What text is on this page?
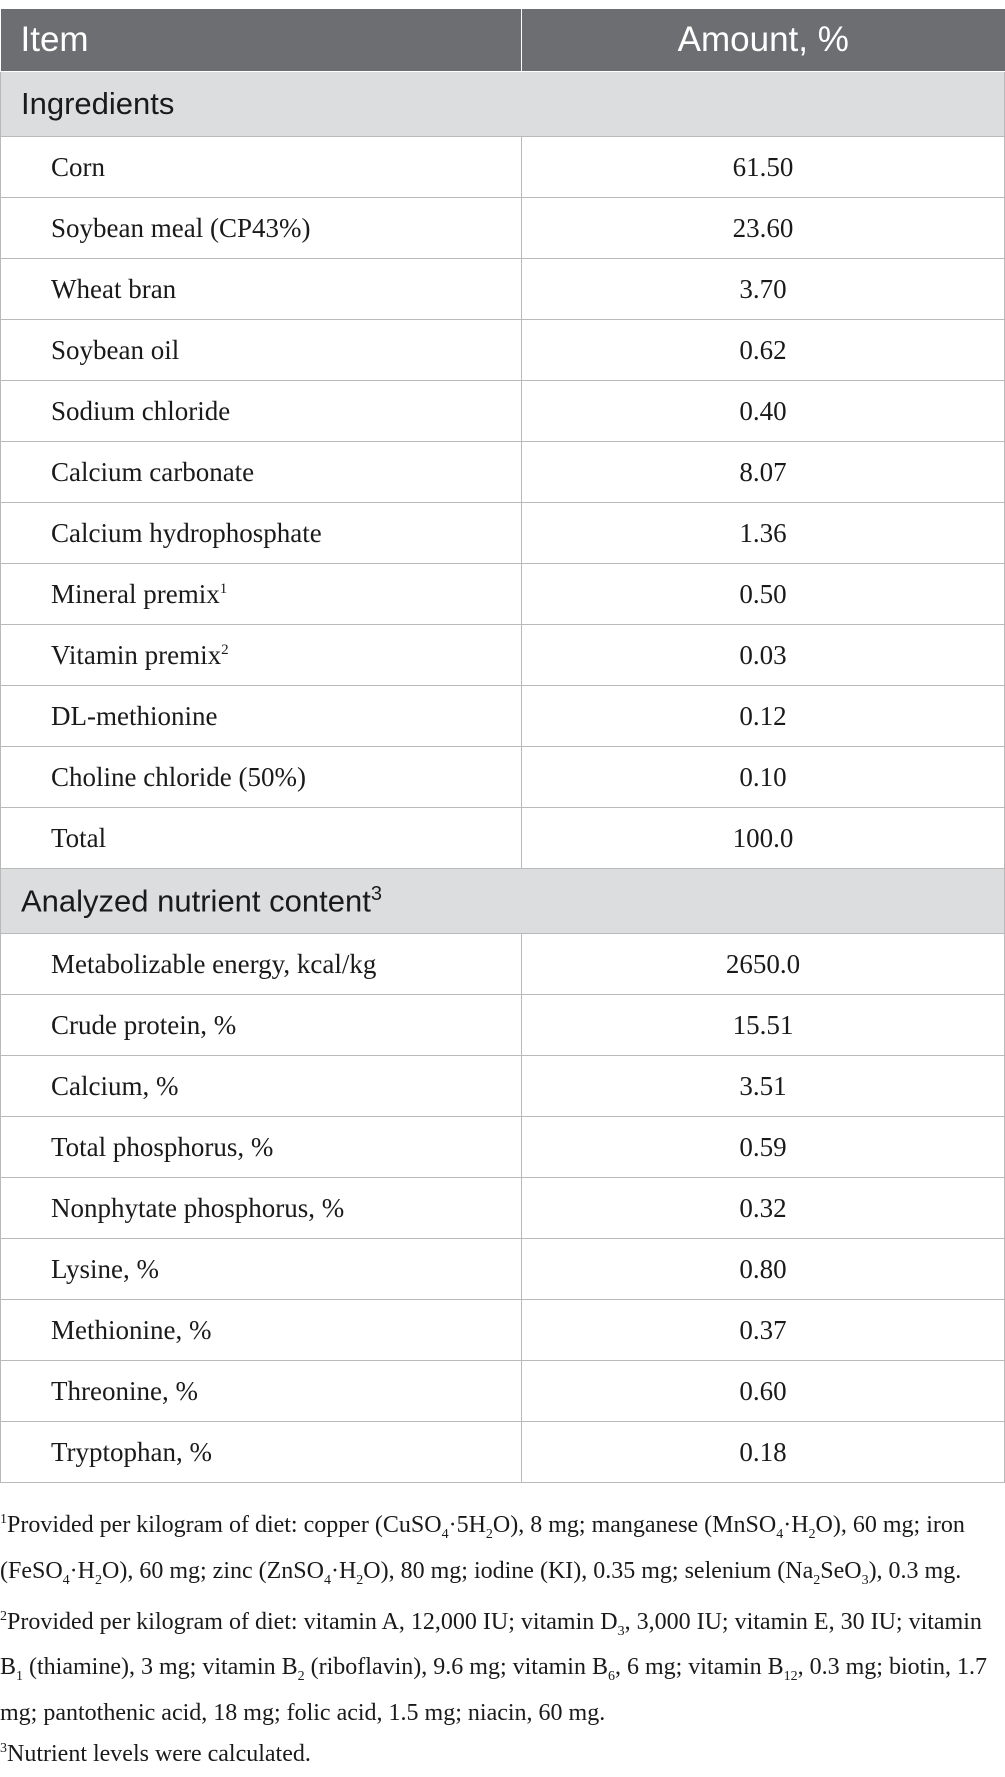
Item	Amount, %
Ingredients	
Corn	61.50
Soybean meal (CP43%)	23.60
Wheat bran	3.70
Soybean oil	0.62
Sodium chloride	0.40
Calcium carbonate	8.07
Calcium hydrophosphate	1.36
Mineral premix$^1$	0.50
Vitamin premix$^2$	0.03
DL-methionine	0.12
Choline chloride (50%)	0.10
Total	100.0
Analyzed nutrient content$^3$
Metabolizable energy, kcal/kg	2650.0
Crude protein, %	15.51
Calcium, %	3.51
Total phosphorus, %	0.59
Nonphytate phosphorus, %	0.32
Lysine, %	0.80
Methionine, %	0.37
Threonine, %	0.60
Tryptophan, %	0.18

$^1$Provided per kilogram of diet: copper $(CuSO_4\cdot 5H_2O)$, 8 mg; manganese $(MnSO_4\cdot H_2O)$, 60 mg; iron $(FeSO_4\cdot H_2O)$, 60 mg; zinc $(ZnSO_4\cdot H_2O)$, 80 mg; iodine (KI), 0.35 mg; selenium $(Na_2SeO_3)$, 0.3 mg.

$^2$Provided per kilogram of diet: vitamin A, 12,000 IU; vitamin $D_3$, 3,000 IU; vitamin E, 30 IU; vitamin $B_1$ (thiamine), 3 mg; vitamin $B_2$ (riboflavin), 9.6 mg; vitamin $B_6$, 6 mg; vitamin $B_{12}$, 0.3 mg; biotin, 1.7 mg; pantothenic acid, 18 mg; folic acid, 1.5 mg; niacin, 60 mg.

$^3$Nutrient levels were calculated.
